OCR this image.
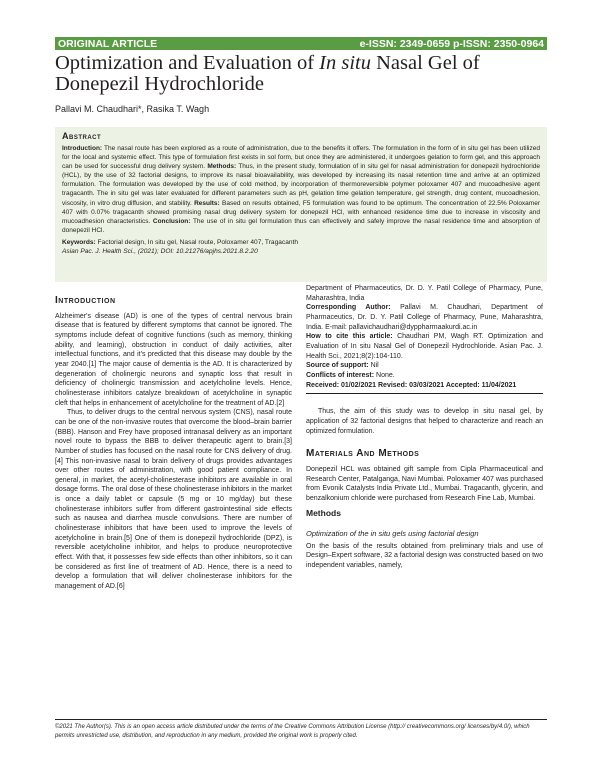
ORIGINAL ARTICLE	e-ISSN: 2349-0659 p-ISSN: 2350-0964
Optimization and Evaluation of In situ Nasal Gel of Donepezil Hydrochloride
Pallavi M. Chaudhari*, Rasika T. Wagh
Abstract
Introduction: The nasal route has been explored as a route of administration, due to the benefits it offers. The formulation in the form of in situ gel has been utilized for the local and systemic effect. This type of formulation first exists in sol form, but once they are administered, it undergoes gelation to form gel, and this approach can be used for successful drug delivery system. Methods: Thus, in the present study, formulation of in situ gel for nasal administration for donepezil hydrochloride (HCL), by the use of 32 factorial designs, to improve its nasal bioavailability, was developed by increasing its nasal retention time and arrive at an optimized formulation. The formulation was developed by the use of cold method, by incorporation of thermoreversible polymer poloxamer 407 and mucoadhesive agent tragacanth. The in situ gel was later evaluated for different parameters such as pH, gelation time gelation temperature, gel strength, drug content, mucoadhesion, viscosity, in vitro drug diffusion, and stability. Results: Based on results obtained, F5 formulation was found to be optimum. The concentration of 22.5% Poloxamer 407 with 0.07% tragacanth showed promising nasal drug delivery system for donepezil HCl, with enhanced residence time due to increase in viscosity and mucoadhesion characteristics. Conclusion: The use of in situ gel formulation thus can effectively and safely improve the nasal residence time and absorption of donepezil HCl.
Keywords: Factorial design, In situ gel, Nasal route, Poloxamer 407, Tragacanth
Asian Pac. J. Health Sci., (2021); DOI: 10.21276/apjhs.2021.8.2.20
Introduction
Alzheimer's disease (AD) is one of the types of central nervous brain disease that is featured by different symptoms that cannot be ignored. The symptoms include defeat of cognitive functions (such as memory, thinking ability, and learning), obstruction in conduct of daily activities, alter intellectual functions, and it's predicted that this disease may double by the year 2040.[1] The major cause of dementia is the AD. It is characterized by degeneration of cholinergic neurons and synaptic loss that result in deficiency of cholinergic transmission and acetylcholine levels. Hence, cholinesterase inhibitors catalyze breakdown of acetylcholine in synaptic cleft that helps in enhancement of acetylcholine for the treatment of AD.[2]
Thus, to deliver drugs to the central nervous system (CNS), nasal route can be one of the non-invasive routes that overcome the blood–brain barrier (BBB). Hanson and Frey have proposed intranasal delivery as an important novel route to bypass the BBB to deliver therapeutic agent to brain.[3] Number of studies has focused on the nasal route for CNS delivery of drug.[4] This non-invasive nasal to brain delivery of drugs provides advantages over other routes of administration, with good patient compliance. In general, in market, the acetyl-cholinesterase inhibitors are available in oral dosage forms. The oral dose of these cholinesterase inhibitors in the market is once a daily tablet or capsule (5 mg or 10 mg/day) but these cholinesterase inhibitors suffer from different gastrointestinal side effects such as nausea and diarrhea muscle convulsions. There are number of cholinesterase inhibitors that have been used to improve the levels of acetylcholine in brain.[5] One of them is donepezil hydrochloride (DPZ), is reversible acetylcholine inhibitor, and helps to produce neuroprotective effect. With that, it possesses few side effects than other inhibitors, so it can be considered as first line of treatment of AD. Hence, there is a need to develop a formulation that will deliver cholinesterase inhibitors for the management of AD.[6]
Department of Pharmaceutics, Dr. D. Y. Patil College of Pharmacy, Pune, Maharashtra, India
Corresponding Author: Pallavi M. Chaudhari, Department of Pharmaceutics, Dr. D. Y. Patil College of Pharmacy, Pune, Maharashtra, India. E-mail: pallavichaudhari@dyppharmaakurdi.ac.in
How to cite this article: Chaudhari PM, Wagh RT. Optimization and Evaluation of In situ Nasal Gel of Donepezil Hydrochloride. Asian Pac. J. Health Sci., 2021;8(2):104-110.
Source of support: Nil
Conflicts of interest: None.
Received: 01/02/2021 Revised: 03/03/2021 Accepted: 11/04/2021
Thus, the aim of this study was to develop in situ nasal gel, by application of 32 factorial designs that helped to characterize and reach an optimized formulation.
Materials And Methods
Donepezil HCL was obtained gift sample from Cipla Pharmaceutical and Research Center, Patalganga, Navi Mumbai. Poloxamer 407 was purchased from Evonik Catalysts India Private Ltd., Mumbai. Tragacanth, glycerin, and benzalkonium chloride were purchased from Research Fine Lab, Mumbai.
Methods
Optimization of the in situ gels using factorial design
On the basis of the results obtained from preliminary trials and use of Design–Expert software, 32 a factorial design was constructed based on two independent variables, namely,
©2021 The Author(s). This is an open access article distributed under the terms of the Creative Commons Attribution License (http:// creativecommons.org/ licenses/by/4.0/), which permits unrestricted use, distribution, and reproduction in any medium, provided the original work is properly cited.
